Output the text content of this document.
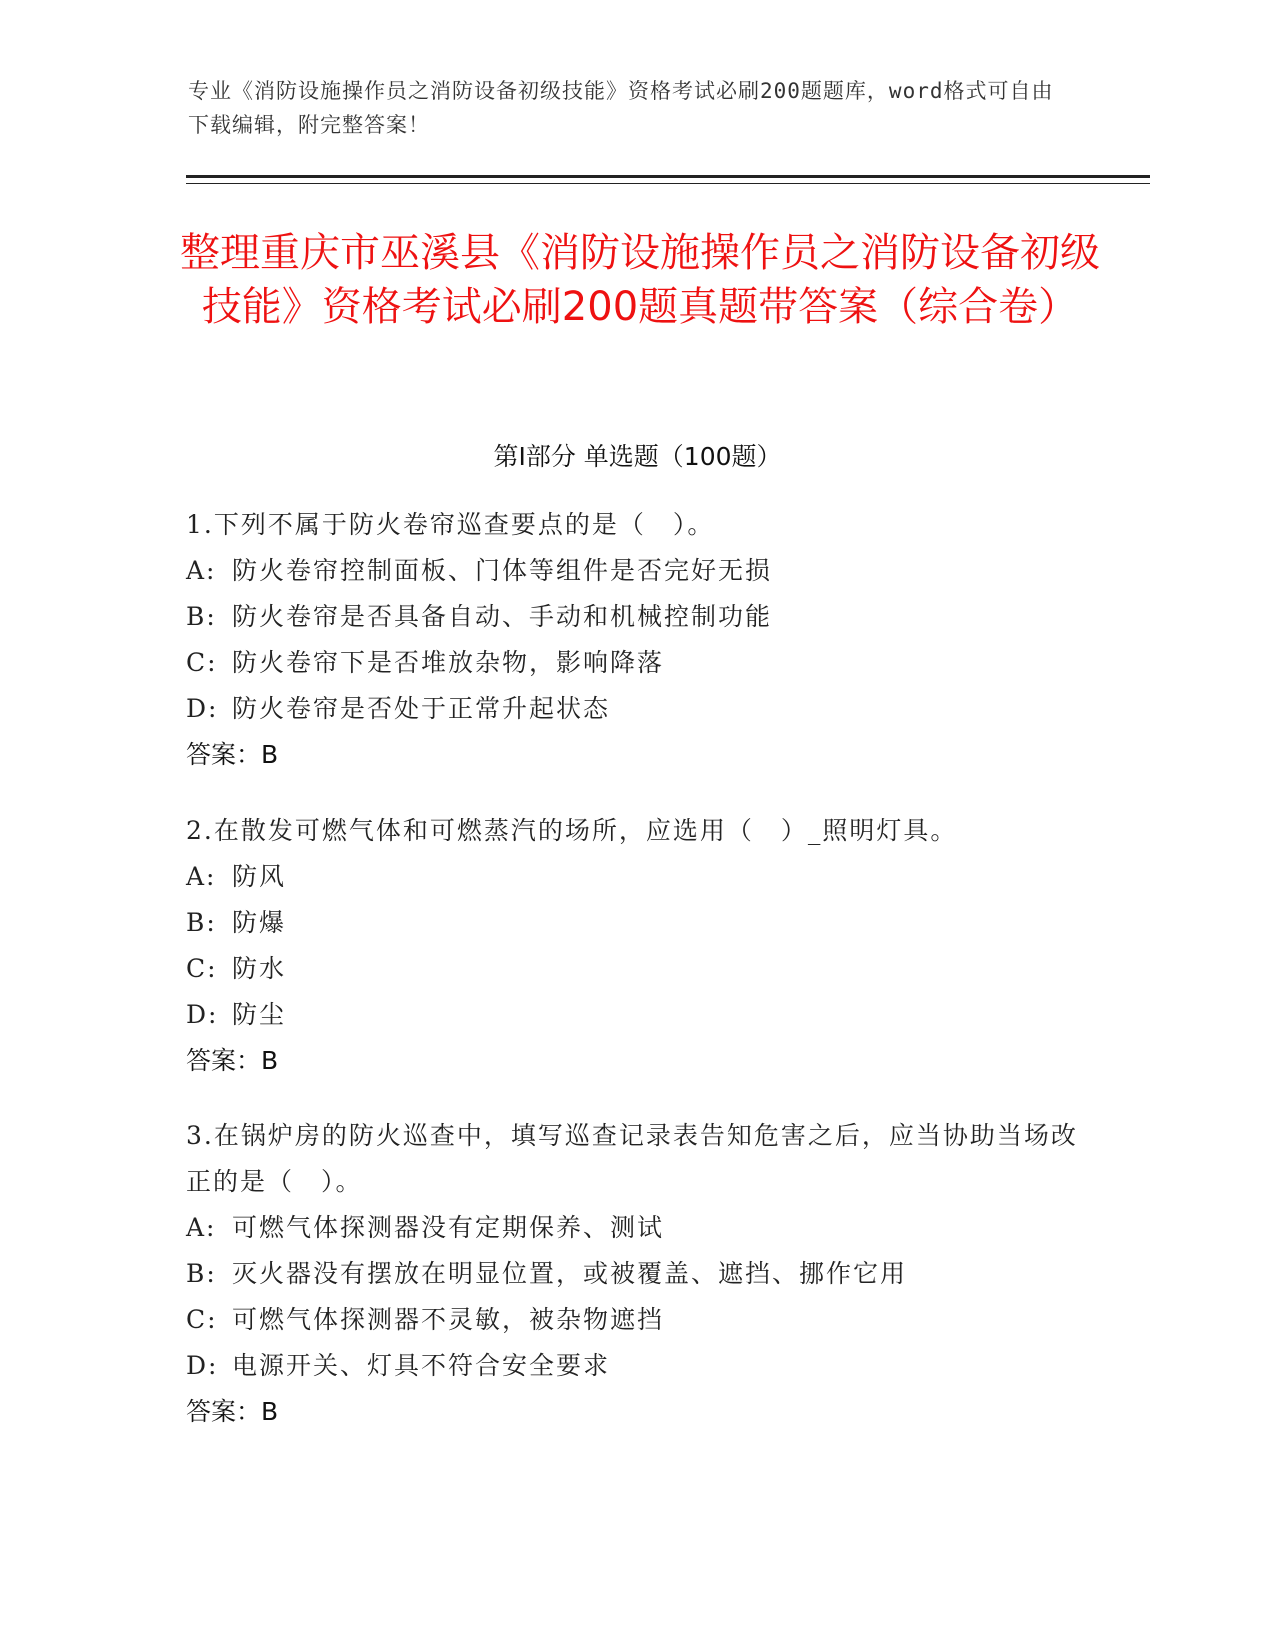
专业《消防设施操作员之消防设备初级技能》资格考试必刷200题题库，word格式可自由下载编辑，附完整答案！
整理重庆市巫溪县《消防设施操作员之消防设备初级技能》资格考试必刷200题真题带答案（综合卷）
第Ⅰ部分 单选题（100题）

1.下列不属于防火卷帘巡查要点的是（　）。

A: 防火卷帘控制面板、门体等组件是否完好无损

B: 防火卷帘是否具备自动、手动和机械控制功能

C: 防火卷帘下是否堆放杂物，影响降落

D: 防火卷帘是否处于正常升起状态

答案：B

2.在散发可燃气体和可燃蒸汽的场所，应选用（　）_照明灯具。

A: 防风

B: 防爆

C: 防水

D: 防尘

答案：B

3.在锅炉房的防火巡查中，填写巡查记录表告知危害之后，应当协助当场改正的是（　）。

A: 可燃气体探测器没有定期保养、测试

B: 灭火器没有摆放在明显位置，或被覆盖、遮挡、挪作它用

C: 可燃气体探测器不灵敏，被杂物遮挡

D: 电源开关、灯具不符合安全要求

答案：B
